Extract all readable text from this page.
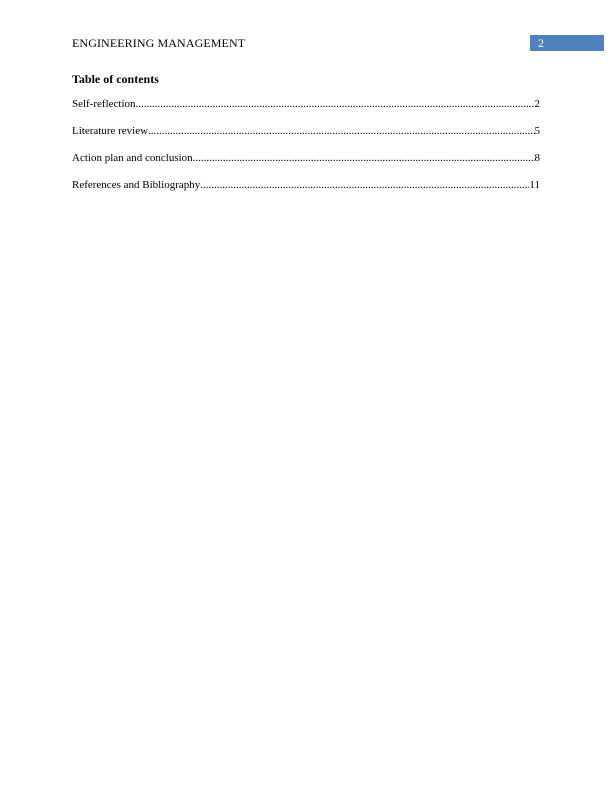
ENGINEERING MANAGEMENT	2
Table of contents
Self-reflection .....	2
Literature review .....	5
Action plan and conclusion .....	8
References and Bibliography .....	11
